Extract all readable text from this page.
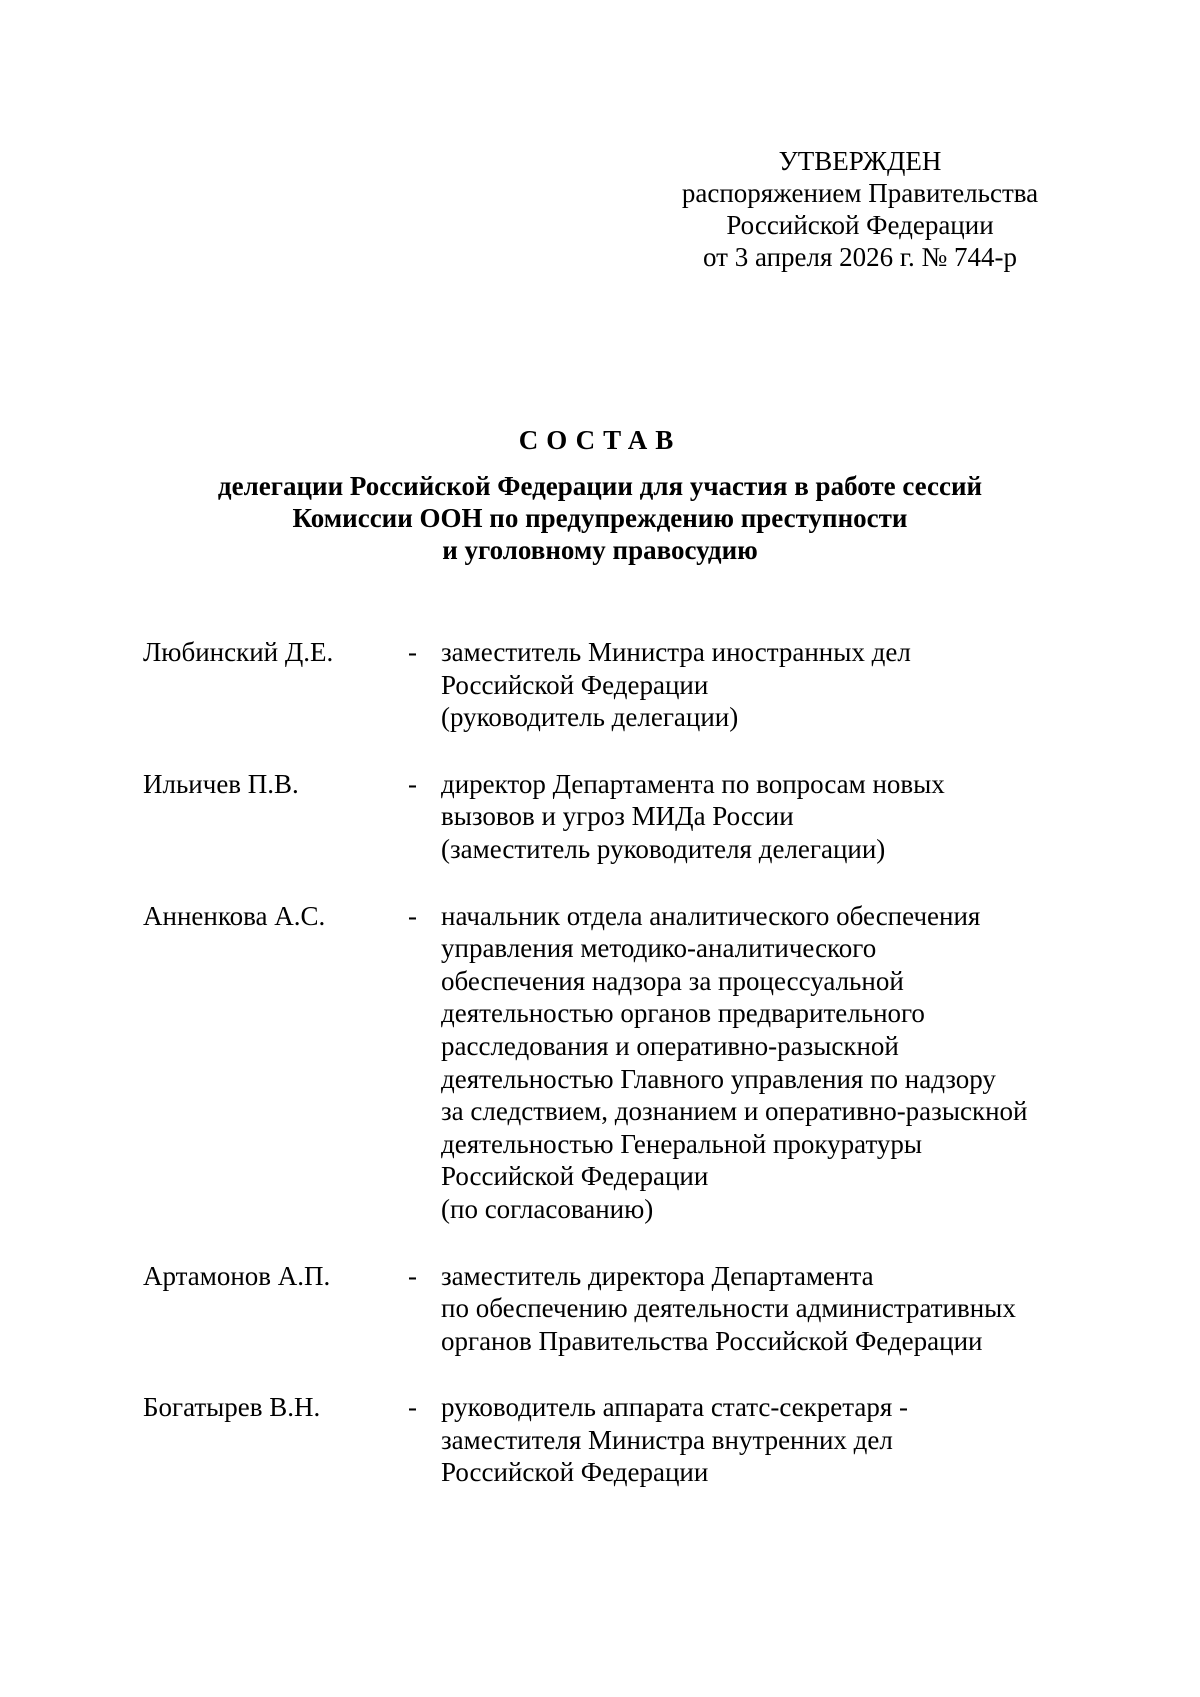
УТВЕРЖДЕН
распоряжением Правительства
Российской Федерации
от 3 апреля 2026 г. № 744-р
СОСТАВ
делегации Российской Федерации для участия в работе сессий
Комиссии ООН по предупреждению преступности
и уголовному правосудию
Любинский Д.Е.	- заместитель Министра иностранных дел
Российской Федерации
(руководитель делегации)
Ильичев П.В.	- директор Департамента по вопросам новых
вызовов и угроз МИДа России
(заместитель руководителя делегации)
Анненкова А.С.	- начальник отдела аналитического обеспечения
управления методико-аналитического
обеспечения надзора за процессуальной
деятельностью органов предварительного
расследования и оперативно-разыскной
деятельностью Главного управления по надзору
за следствием, дознанием и оперативно-разыскной
деятельностью Генеральной прокуратуры
Российской Федерации
(по согласованию)
Артамонов А.П.	- заместитель директора Департамента
по обеспечению деятельности административных
органов Правительства Российской Федерации
Богатырев В.Н.	- руководитель аппарата статс-секретаря -
заместителя Министра внутренних дел
Российской Федерации
